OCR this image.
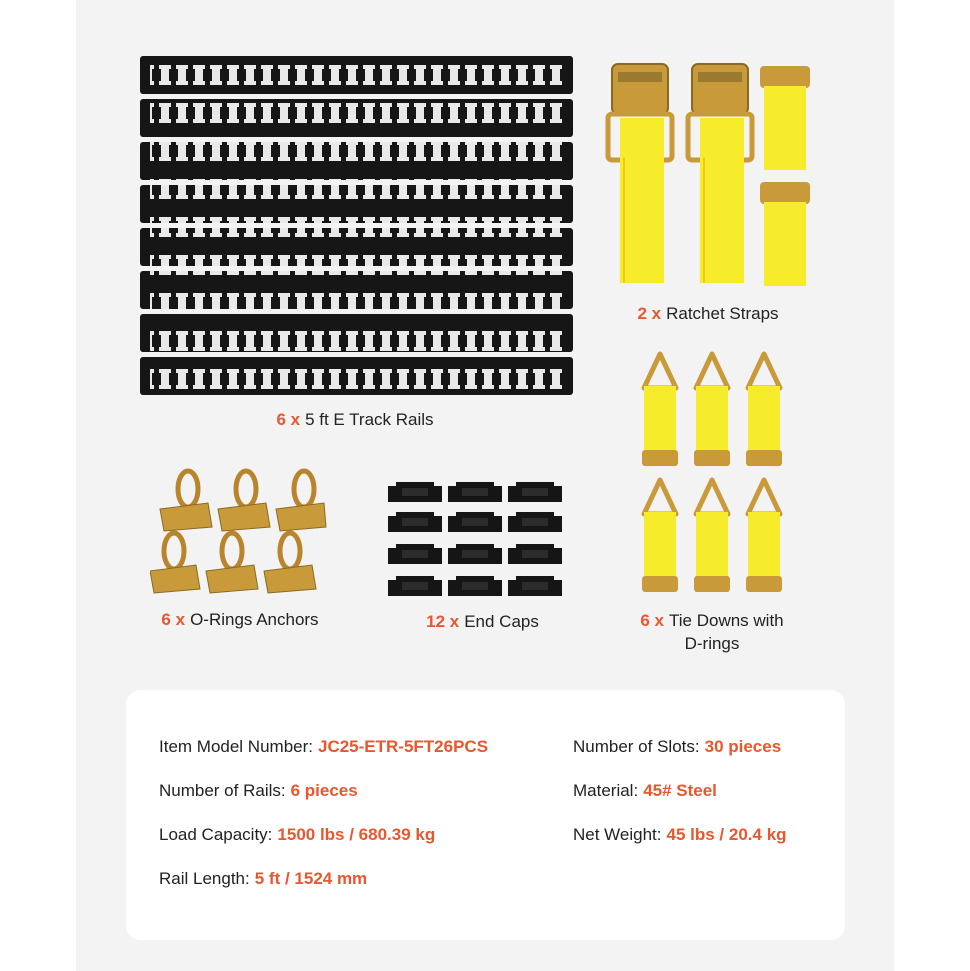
6 x 5 ft E Track Rails
2 x Ratchet Straps
6 x Tie Downs with
D-rings
6 x O-Rings Anchors	12 x End Caps
Item Model Number: JC25-ETR-5FT26PCS	Number of Slots: 30 pieces
Number of Rails: 6 pieces	Material: 45# Steel
Load Capacity: 1500 lbs / 680.39 kg	Net Weight: 45 lbs / 20.4 kg
Rail Length: 5 ft / 1524 mm
